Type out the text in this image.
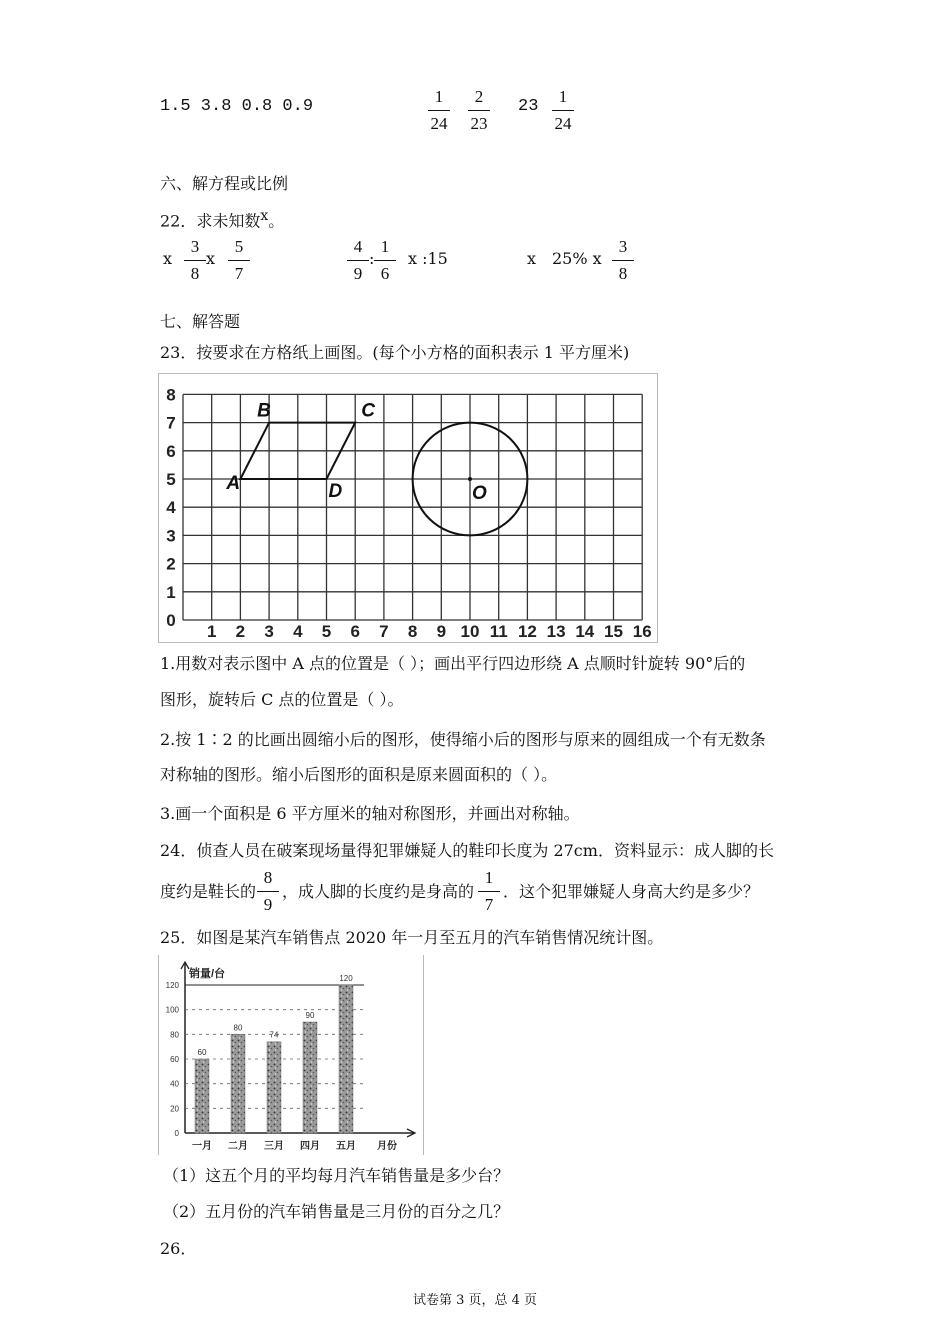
1.5 3.8 0.8 0.9
1
24
2
23
23
1
24
六、解方程或比例
22．求未知数$^x$。
x
3
8
x
5
7
4
9
:
1
6
x :15	x 25% x
3
8
七、解答题
23．按要求在方格纸上画图。(每个小方格的面积表示 1 平方厘米)
1 2 3 4 5 6 7 8 9 10 11 12 13 14 15 16
0
1
2
3
4
5
6
7
8
A
B	C
D	O
1.用数对表示图中 A 点的位置是（ ）；画出平行四边形绕 A 点顺时针旋转 90°后的
图形，旋转后 C 点的位置是（ ）。
2.按 1∶2 的比画出圆缩小后的图形，使得缩小后的图形与原来的圆组成一个有无数条
对称轴的图形。缩小后图形的面积是原来圆面积的（ ）。
3.画一个面积是 6 平方厘米的轴对称图形，并画出对称轴。
24．侦查人员在破案现场量得犯罪嫌疑人的鞋印长度为 27cm．资料显示：成人脚的长
度约是鞋长的
8
9
，成人脚的长度约是身高的
1
7
．这个犯罪嫌疑人身高大约是多少？
25．如图是某汽车销售点 2020 年一月至五月的汽车销售情况统计图。
0
20
40
60
80
100
120
销量/台
月份
60
一月
80
二月
74
三月
90
四月
120
五月
（1）这五个月的平均每月汽车销售量是多少台？
（2）五月份的汽车销售量是三月份的百分之几？
26．
试卷第 3 页，总 4 页
